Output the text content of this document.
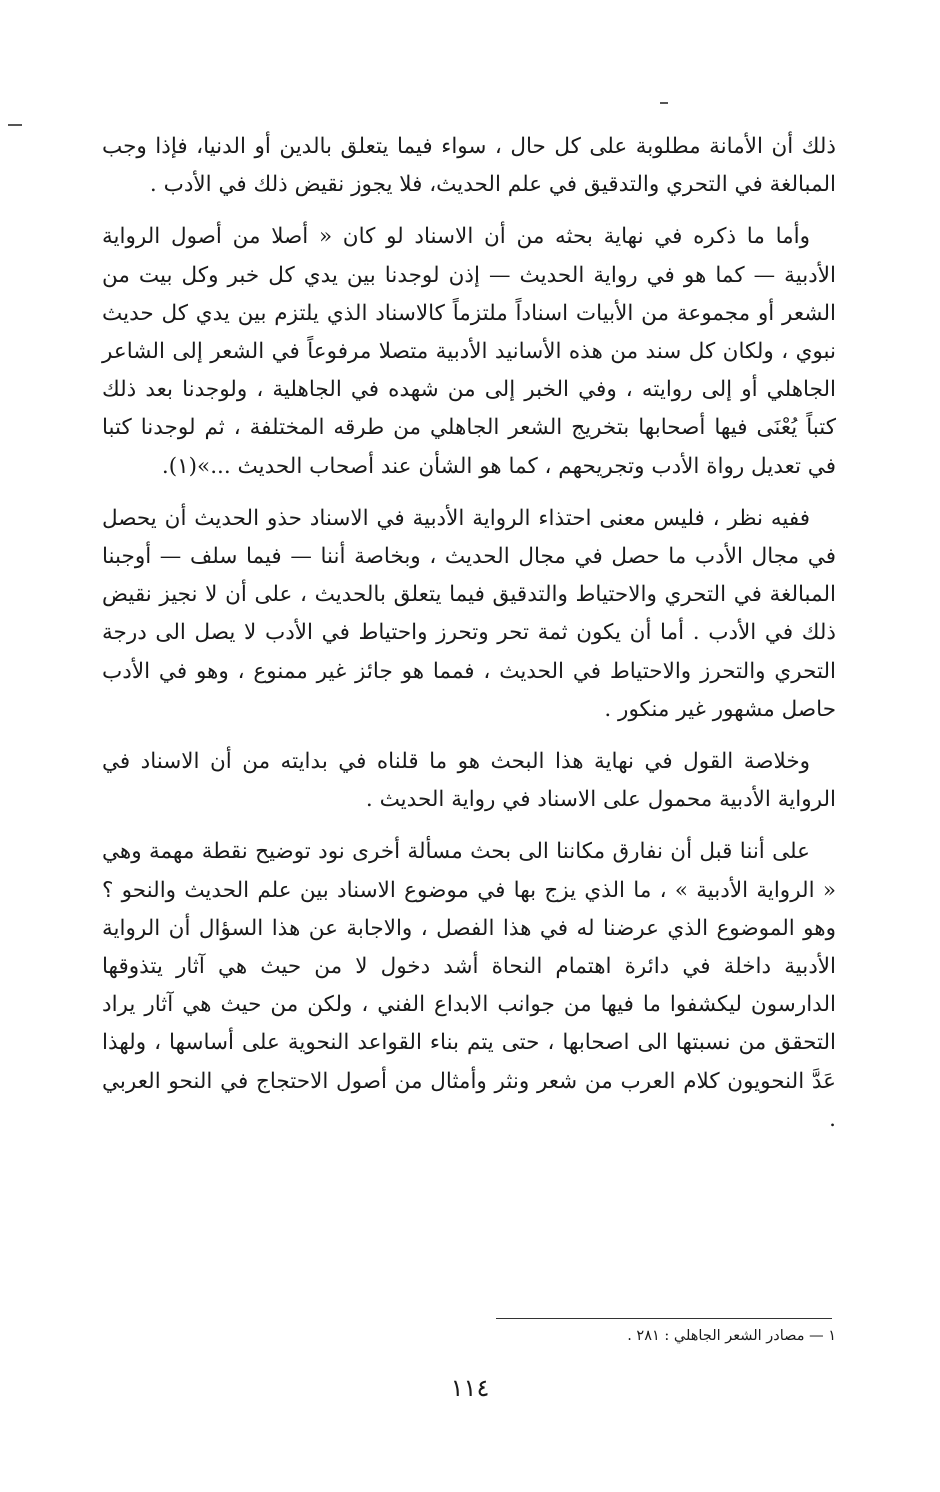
ذلك أن الأمانة مطلوبة على كل حال ، سواء فيما يتعلق بالدين أو الدنيا، فإذا وجب المبالغة في التحري والتدقيق في علم الحديث، فلا يجوز نقيض ذلك في الأدب .

وأما ما ذكره في نهاية بحثه من أن الاسناد لو كان « أصلا من أصول الرواية الأدبية — كما هو في رواية الحديث — إذن لوجدنا بين يدي كل خبر وكل بيت من الشعر أو مجموعة من الأبيات اسناداً ملتزماً كالاسناد الذي يلتزم بين يدي كل حديث نبوي ، ولكان كل سند من هذه الأسانيد الأدبية متصلا مرفوعاً في الشعر إلى الشاعر الجاهلي أو إلى روايته ، وفي الخبر إلى من شهده في الجاهلية ، ولوجدنا بعد ذلك كتباً يُعْنَى فيها أصحابها بتخريج الشعر الجاهلي من طرقه المختلفة ، ثم لوجدنا كتبا في تعديل رواة الأدب وتجريحهم ، كما هو الشأن عند أصحاب الحديث ...»(١).

ففيه نظر ، فليس معنى احتذاء الرواية الأدبية في الاسناد حذو الحديث أن يحصل في مجال الأدب ما حصل في مجال الحديث ، وبخاصة أننا — فيما سلف — أوجبنا المبالغة في التحري والاحتياط والتدقيق فيما يتعلق بالحديث ، على أن لا نجيز نقيض ذلك في الأدب . أما أن يكون ثمة تحر وتحرز واحتياط في الأدب لا يصل الى درجة التحري والتحرز والاحتياط في الحديث ، فمما هو جائز غير ممنوع ، وهو في الأدب حاصل مشهور غير منكور .

وخلاصة القول في نهاية هذا البحث هو ما قلناه في بدايته من أن الاسناد في الرواية الأدبية محمول على الاسناد في رواية الحديث .

على أننا قبل أن نفارق مكاننا الى بحث مسألة أخرى نود توضيح نقطة مهمة وهي « الرواية الأدبية » ، ما الذي يزج بها في موضوع الاسناد بين علم الحديث والنحو ؟ وهو الموضوع الذي عرضنا له في هذا الفصل ، والاجابة عن هذا السؤال أن الرواية الأدبية داخلة في دائرة اهتمام النحاة أشد دخول لا من حيث هي آثار يتذوقها الدارسون ليكشفوا ما فيها من جوانب الابداع الفني ، ولكن من حيث هي آثار يراد التحقق من نسبتها الى اصحابها ، حتى يتم بناء القواعد النحوية على أساسها ، ولهذا عَدَّ النحويون كلام العرب من شعر ونثر وأمثال من أصول الاحتجاج في النحو العربي .

١ — مصادر الشعر الجاهلي : ٢٨١ .
١١٤
